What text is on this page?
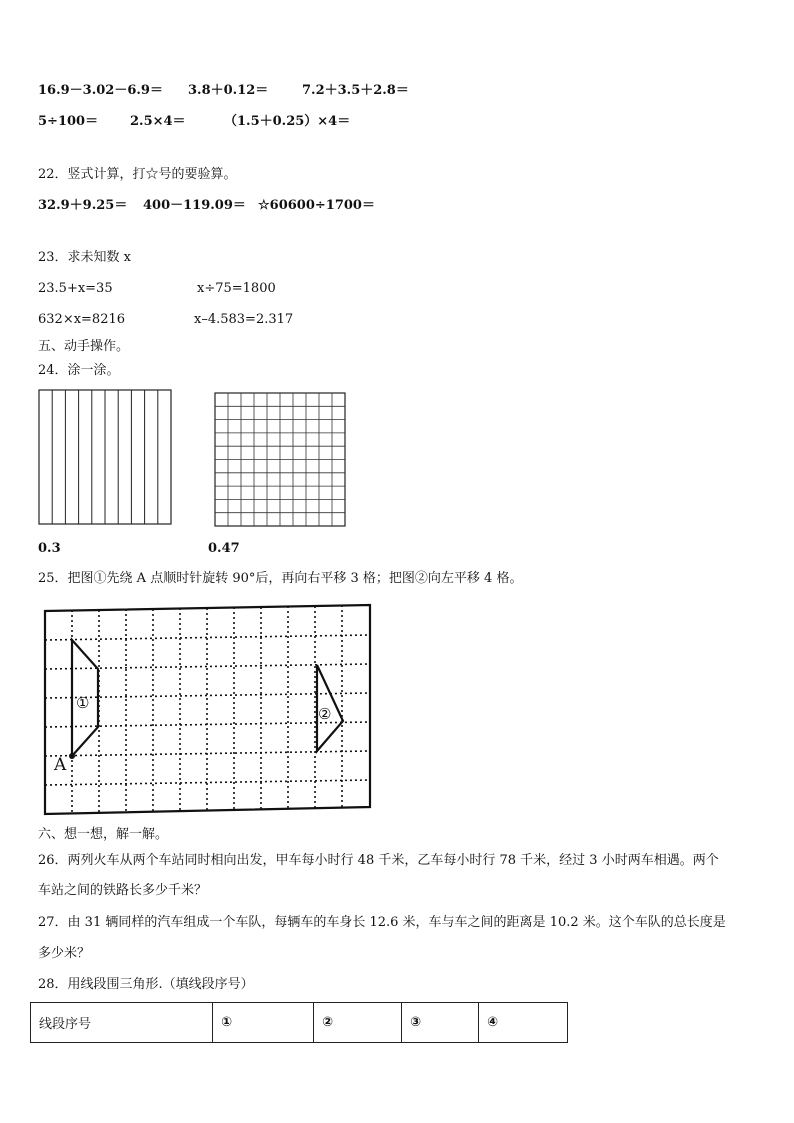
16.9－3.02－6.9＝ 3.8＋0.12＝	7.2＋3.5＋2.8＝
5÷100＝ 2.5×4＝	（1.5＋0.25）×4＝
22．竖式计算，打☆号的要验算。
32.9＋9.25＝ 400－119.09＝ ☆60600÷1700＝
23．求未知数 x
23.5+x=35	x÷75=1800
632×x=8216	x–4.583=2.317
五、动手操作。
24．涂一涂。
0.3	0.47
25．把图①先绕 A 点顺时针旋转 90°后，再向右平移 3 格；把图②向左平移 4 格。
①
②
A
六、想一想，解一解。
26．两列火车从两个车站同时相向出发，甲车每小时行 48 千米，乙车每小时行 78 千米，经过 3 小时两车相遇。两个
车站之间的铁路长多少千米？
27．由 31 辆同样的汽车组成一个车队，每辆车的车身长 12.6 米，车与车之间的距离是 10.2 米。这个车队的总长度是
多少米？
28．用线段围三角形.（填线段序号）
线段序号	①	②	③	④
